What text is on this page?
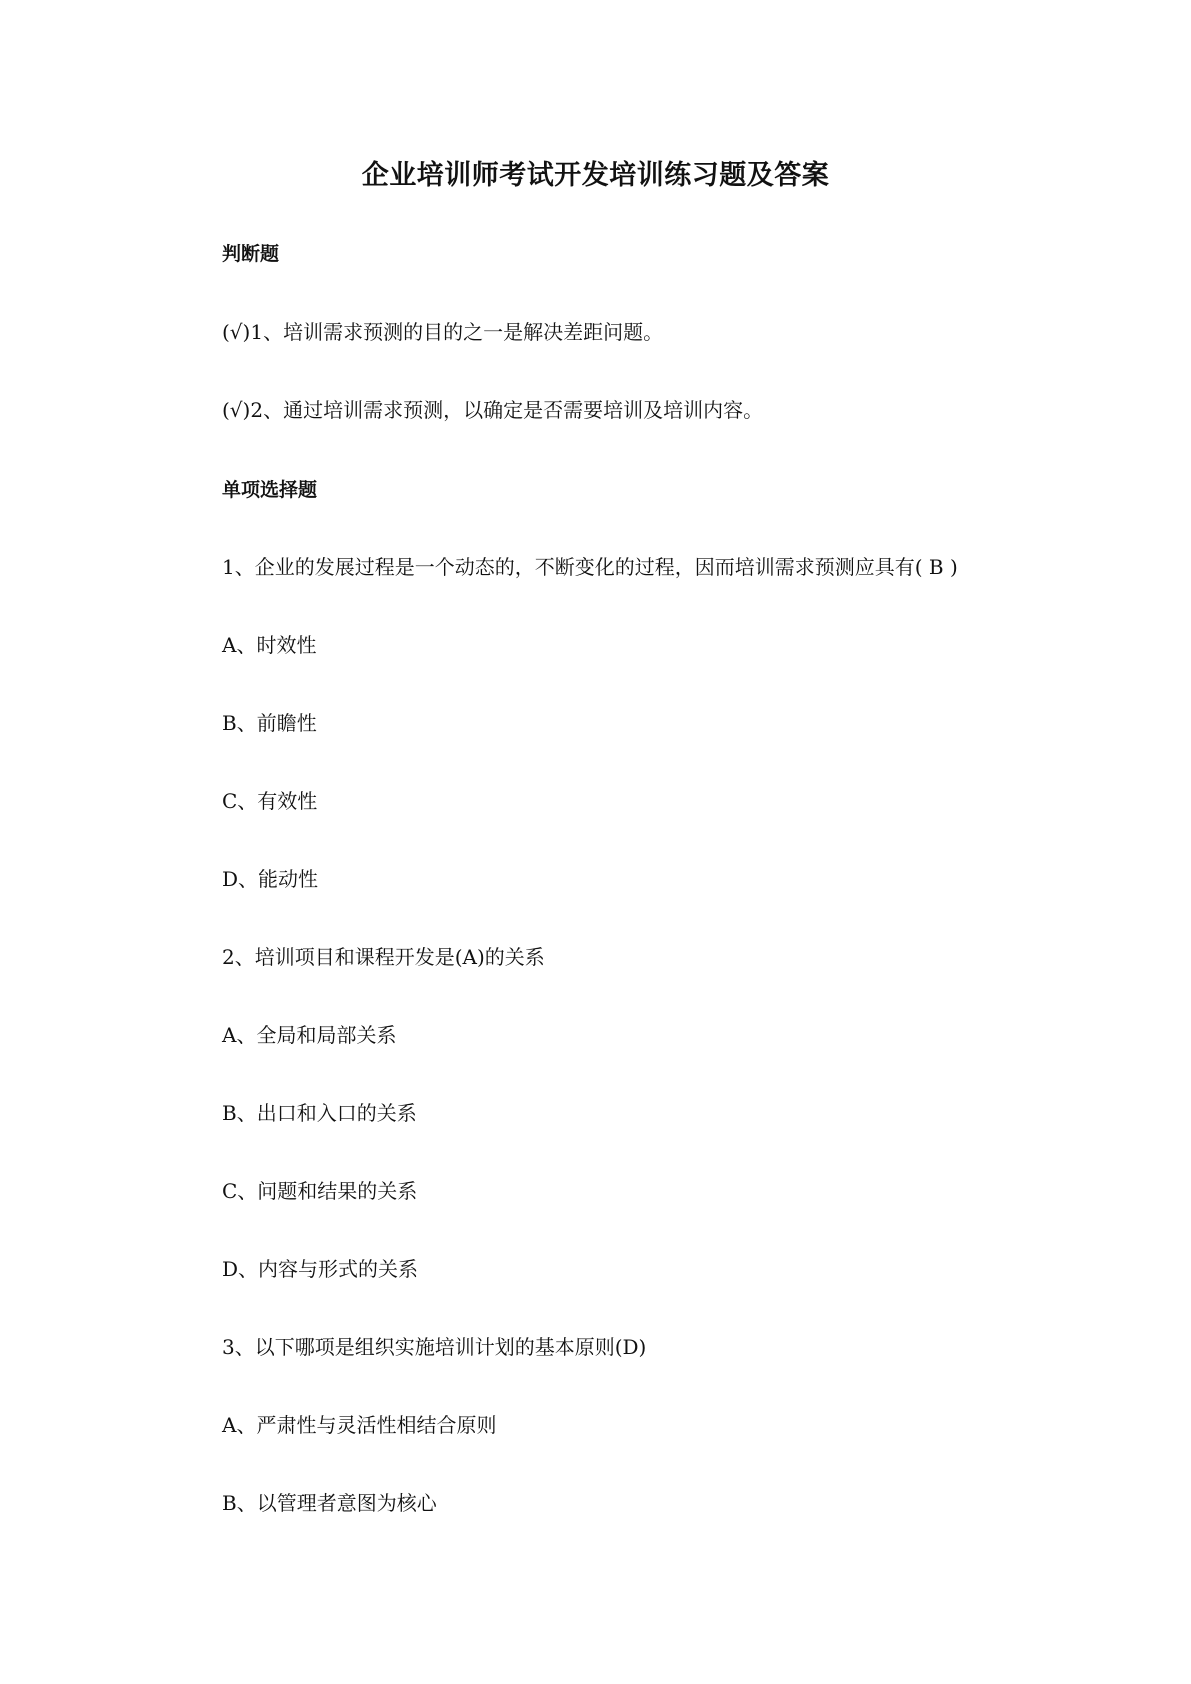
企业培训师考试开发培训练习题及答案
判断题
(√)1、培训需求预测的目的之一是解决差距问题。
(√)2、通过培训需求预测，以确定是否需要培训及培训内容。
单项选择题
1、企业的发展过程是一个动态的，不断变化的过程，因而培训需求预测应具有( B )
A、时效性
B、前瞻性
C、有效性
D、能动性
2、培训项目和课程开发是(A)的关系
A、全局和局部关系
B、出口和入口的关系
C、问题和结果的关系
D、内容与形式的关系
3、以下哪项是组织实施培训计划的基本原则(D)
A、严肃性与灵活性相结合原则
B、以管理者意图为核心
